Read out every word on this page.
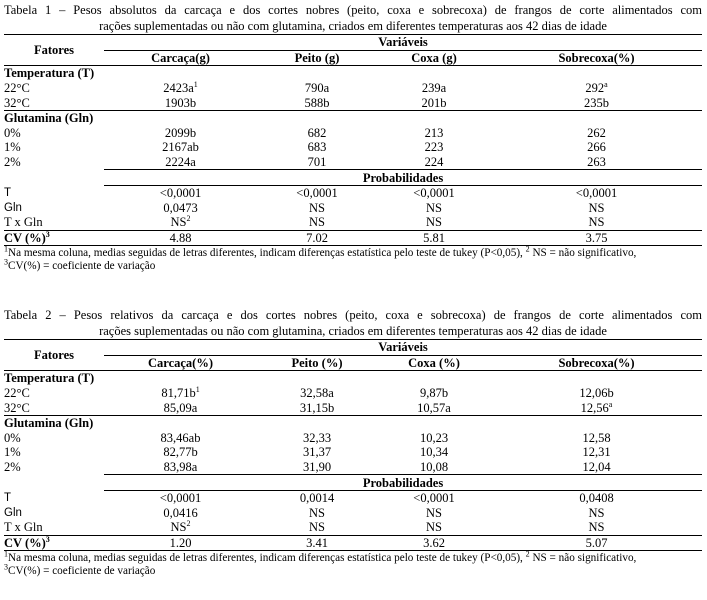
Tabela 1 – Pesos absolutos da carcaça e dos cortes nobres (peito, coxa e sobrecoxa) de frangos de corte alimentados com
rações suplementadas ou não com glutamina, criados em diferentes temperaturas aos 42 dias de idade
Fatores	Variáveis			
	Carcaça(g)	Peito (g)	Coxa (g)	Sobrecoxa(%)
Temperatura (T)				
22°C	$2423a^1$	790a	239a	292$^a$
32°C	1903b	588b	201b	235b
Glutamina (Gln)				
0%	2099b	682	213	262
1%	2167ab	683	223	266
2%	2224a	701	224	263
	Probabilidades			
T	<0,0001	<0,0001	<0,0001	<0,0001
Gln	0,0473	NS	NS	NS
T x Gln	$NS^2$	NS	NS	NS
CV (%)$^3$	4.88	7.02	5.81	3.75
$^1$Na mesma coluna, medias seguidas de letras diferentes, indicam diferenças estatística pelo teste de tukey (P<0,05), $^2$ NS = não significativo,
$^3$CV(%) = coeficiente de variação
Tabela 2 – Pesos relativos da carcaça e dos cortes nobres (peito, coxa e sobrecoxa) de frangos de corte alimentados com
rações suplementadas ou não com glutamina, criados em diferentes temperaturas aos 42 dias de idade
Fatores	Variáveis			
	Carcaça(%)	Peito (%)	Coxa (%)	Sobrecoxa(%)
Temperatura (T)				
22°C	$81,71b^1$	32,58a	9,87b	12,06b
32°C	85,09a	31,15b	10,57a	12,56$^a$
Glutamina (Gln)				
0%	83,46ab	32,33	10,23	12,58
1%	82,77b	31,37	10,34	12,31
2%	83,98a	31,90	10,08	12,04
	Probabilidades			
T	<0,0001	0,0014	<0,0001	0,0408
Gln	0,0416	NS	NS	NS
T x Gln	$NS^2$	NS	NS	NS
CV (%)$^3$	1.20	3.41	3.62	5.07
$^1$Na mesma coluna, medias seguidas de letras diferentes, indicam diferenças estatística pelo teste de tukey (P<0,05), $^2$ NS = não significativo,
$^3$CV(%) = coeficiente de variação
